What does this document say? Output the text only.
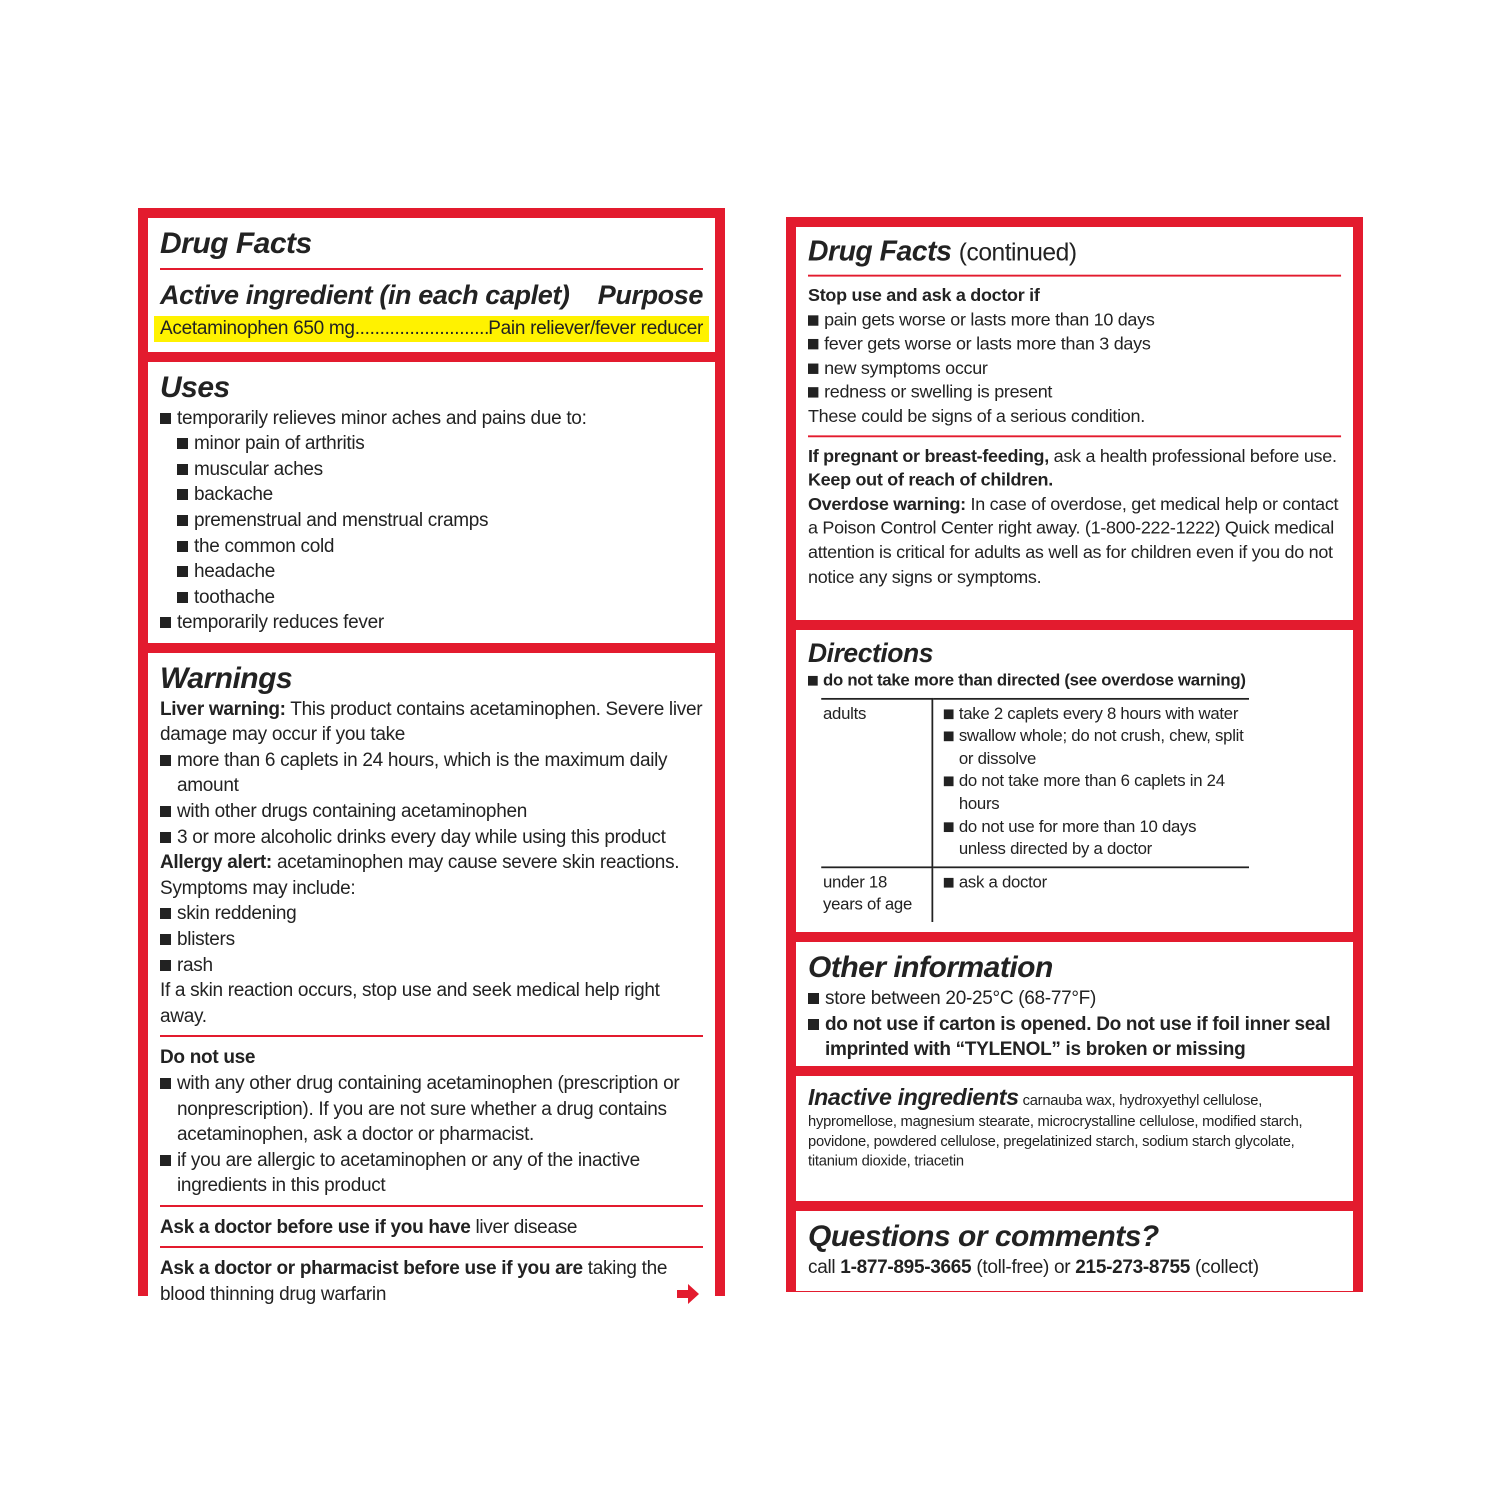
Drug Facts
Active ingredient (in each caplet) Purpose
Acetaminophen 650 mg .....	Pain reliever/fever reducer
Uses
temporarily relieves minor aches and pains due to:
minor pain of arthritis
muscular aches
backache
premenstrual and menstrual cramps
the common cold
headache
toothache
temporarily reduces fever
Warnings
Liver warning: This product contains acetaminophen. Severe liver damage may occur if you take
more than 6 caplets in 24 hours, which is the maximum daily amount
with other drugs containing acetaminophen
3 or more alcoholic drinks every day while using this product
Allergy alert: acetaminophen may cause severe skin reactions. Symptoms may include:
skin reddening
blisters
rash
If a skin reaction occurs, stop use and seek medical help right away.
Do not use
with any other drug containing acetaminophen (prescription or nonprescription). If you are not sure whether a drug contains acetaminophen, ask a doctor or pharmacist.
if you are allergic to acetaminophen or any of the inactive ingredients in this product
Ask a doctor before use if you have liver disease
Ask a doctor or pharmacist before use if you are taking the blood thinning drug warfarin
Drug Facts (continued)
Stop use and ask a doctor if
pain gets worse or lasts more than 10 days
fever gets worse or lasts more than 3 days
new symptoms occur
redness or swelling is present
These could be signs of a serious condition.
If pregnant or breast-feeding, ask a health professional before use.
Keep out of reach of children.
Overdose warning: In case of overdose, get medical help or contact a Poison Control Center right away. (1-800-222-1222) Quick medical attention is critical for adults as well as for children even if you do not notice any signs or symptoms.
Directions
do not take more than directed (see overdose warning)
adults	take 2 caplets every 8 hours with water
swallow whole; do not crush, chew, split or dissolve
do not take more than 6 caplets in 24 hours
do not use for more than 10 days unless directed by a doctor

under 18 years of age	ask a doctor
Other information
store between 20-25°C (68-77°F)
do not use if carton is opened. Do not use if foil inner seal imprinted with “TYLENOL” is broken or missing
Inactive ingredients carnauba wax, hydroxyethyl cellulose, hypromellose, magnesium stearate, microcrystalline cellulose, modified starch, povidone, powdered cellulose, pregelatinized starch, sodium starch glycolate, titanium dioxide, triacetin
Questions or comments?
call 1-877-895-3665 (toll-free) or 215-273-8755 (collect)
